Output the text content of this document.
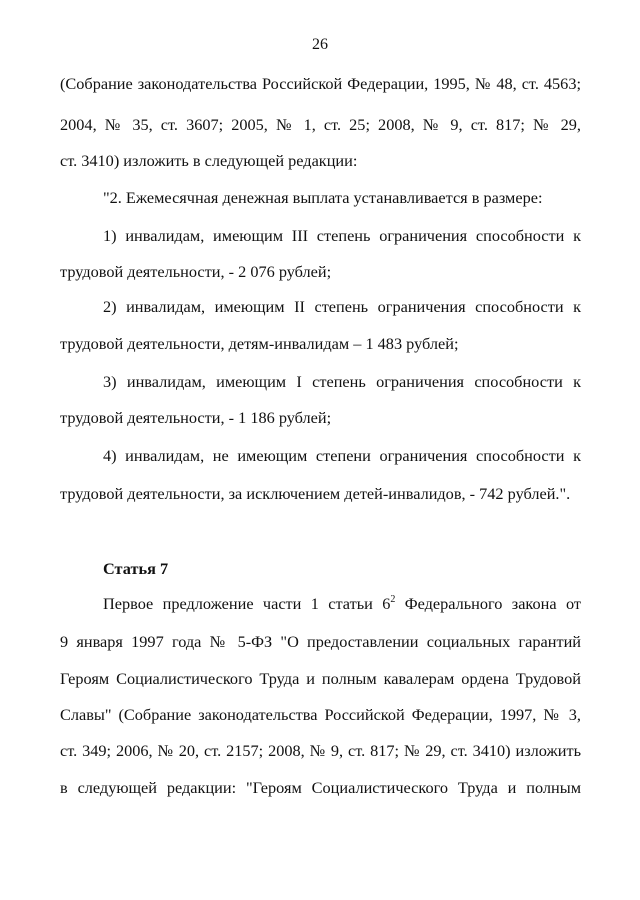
26
(Собрание законодательства Российской Федерации, 1995, № 48, ст. 4563;
2004, № 35, ст. 3607; 2005, № 1, ст. 25; 2008, № 9, ст. 817; № 29,
ст. 3410) изложить в следующей редакции:
"2. Ежемесячная денежная выплата устанавливается в размере:
1) инвалидам, имеющим III степень ограничения способности к
трудовой деятельности, - 2 076 рублей;
2) инвалидам, имеющим II степень ограничения способности к
трудовой деятельности, детям-инвалидам – 1 483 рублей;
3) инвалидам, имеющим I степень ограничения способности к
трудовой деятельности, - 1 186 рублей;
4) инвалидам, не имеющим степени ограничения способности к
трудовой деятельности, за исключением детей-инвалидов, - 742 рублей.".
Статья 7
Первое предложение части 1 статьи $6^2$ Федерального закона от
9 января 1997 года № 5-ФЗ "О предоставлении социальных гарантий
Героям Социалистического Труда и полным кавалерам ордена Трудовой
Славы" (Собрание законодательства Российской Федерации, 1997, № 3,
ст. 349; 2006, № 20, ст. 2157; 2008, № 9, ст. 817; № 29, ст. 3410) изложить
в следующей редакции: "Героям Социалистического Труда и полным
